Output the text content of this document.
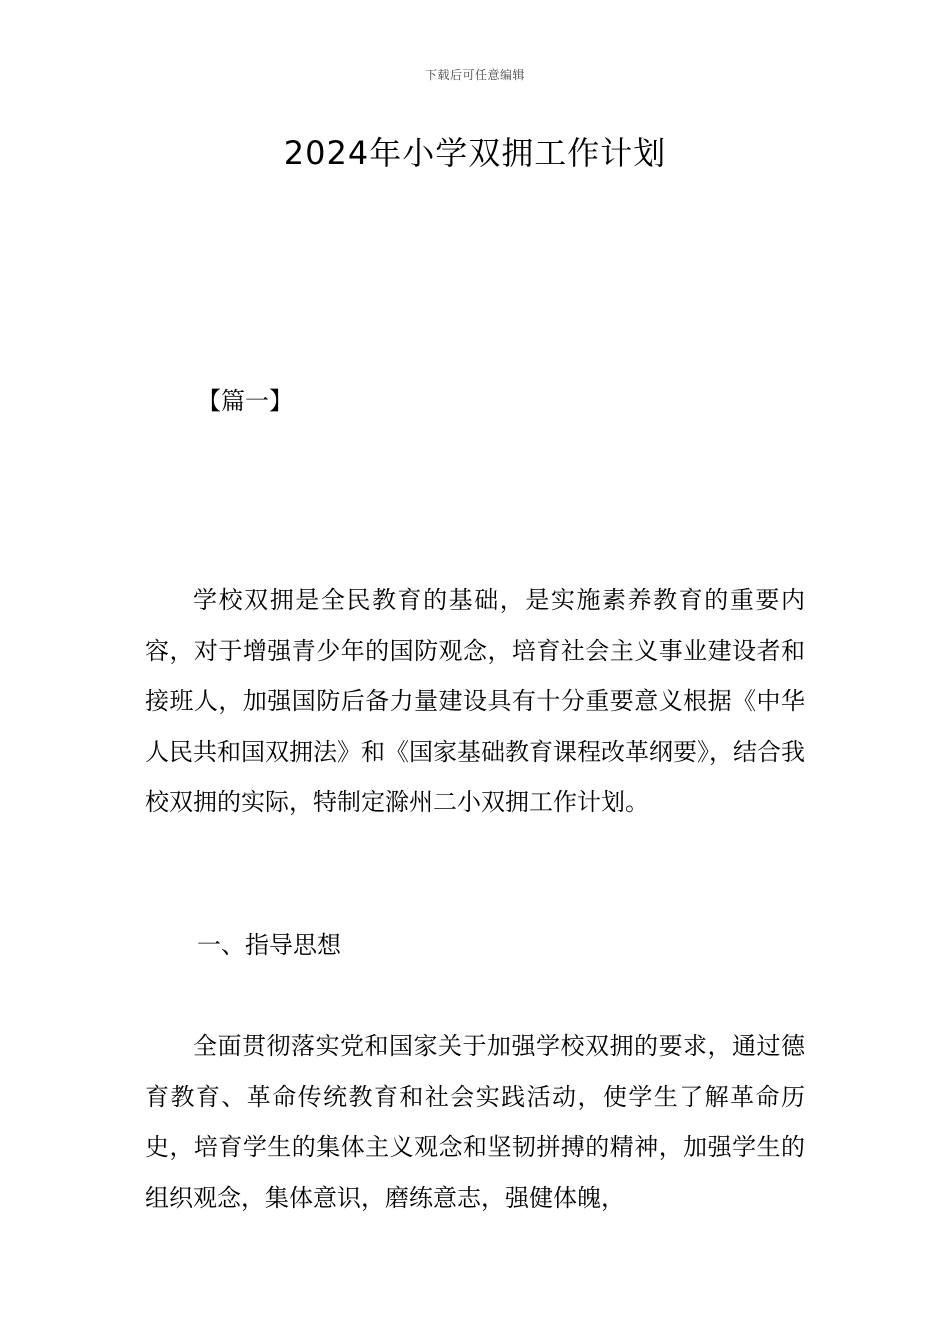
下载后可任意编辑
2024年小学双拥工作计划
【篇一】

学校双拥是全民教育的基础，是实施素养教育的重要内容，对于增强青少年的国防观念，培育社会主义事业建设者和接班人，加强国防后备力量建设具有十分重要意义根据《中华人民共和国双拥法》和《国家基础教育课程改革纲要》，结合我校双拥的实际，特制定滁州二小双拥工作计划。

一、指导思想

全面贯彻落实党和国家关于加强学校双拥的要求，通过德育教育、革命传统教育和社会实践活动，使学生了解革命历史，培育学生的集体主义观念和坚韧拼搏的精神，加强学生的组织观念，集体意识，磨练意志，强健体魄，
